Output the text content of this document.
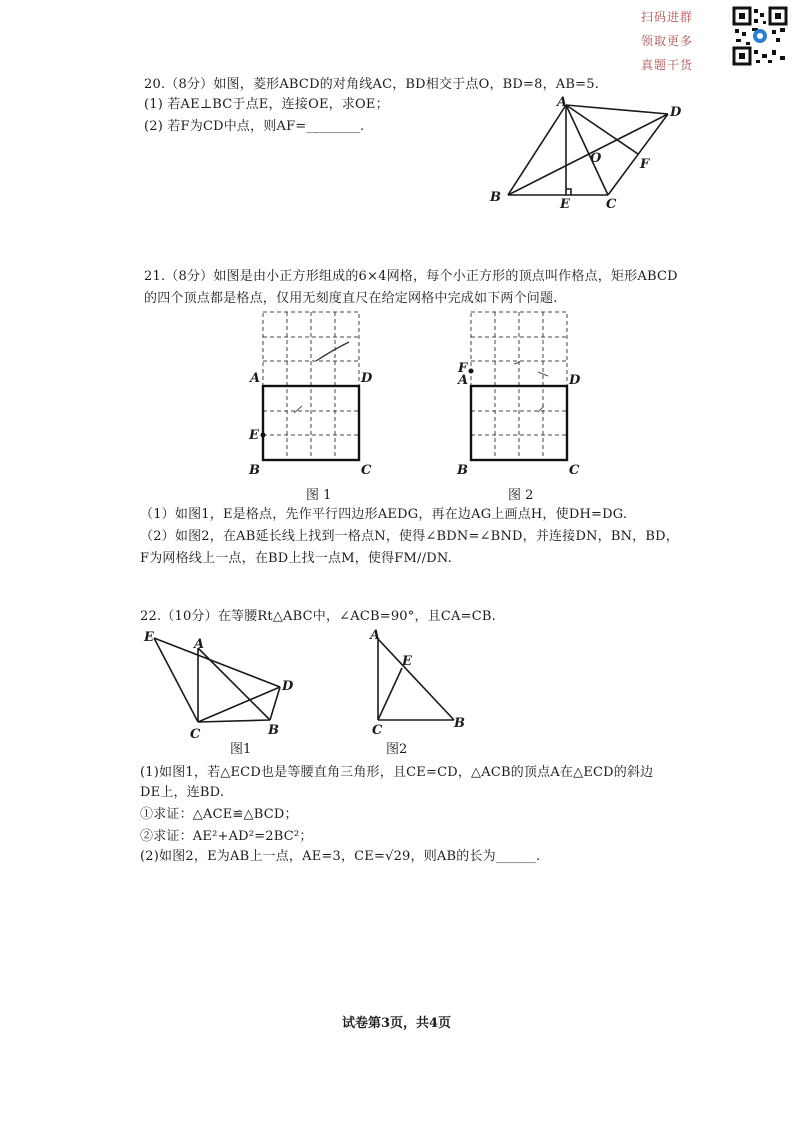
扫码进群
领取更多
真题干货
20.（8分）如图，菱形ABCD的对角线AC，BD相交于点O，BD=8，AB=5.
(1) 若AE⊥BC于点E，连接OE，求OE；
(2) 若F为CD中点，则AF=________.
A
D
O	F
B	E	C
21.（8分）如图是由小正方形组成的6×4网格，每个小正方形的顶点叫作格点，矩形ABCD
的四个顶点都是格点，仅用无刻度直尺在给定网格中完成如下两个问题.
A	D
E
B	C
图 1
F
A	D
B	C
图 2
（1）如图1，E是格点，先作平行四边形AEDG，再在边AG上画点H，使DH=DG.
（2）如图2，在AB延长线上找到一格点N，使得∠BDN=∠BND，并连接DN，BN，BD，
F为网格线上一点，在BD上找一点M，使得FM//DN.
22.（10分）在等腰Rt△ABC中，∠ACB=90°，且CA=CB.
E	A
D
B
C
图1
A
E
C	B
图2
(1)如图1，若△ECD也是等腰直角三角形，且CE=CD，△ACB的顶点A在△ECD的斜边
DE上，连BD.
①求证：△ACE≌△BCD；
②求证：AE²+AD²=2BC²；
(2)如图2，E为AB上一点，AE=3，CE=√29，则AB的长为______.
试卷第3页，共4页
